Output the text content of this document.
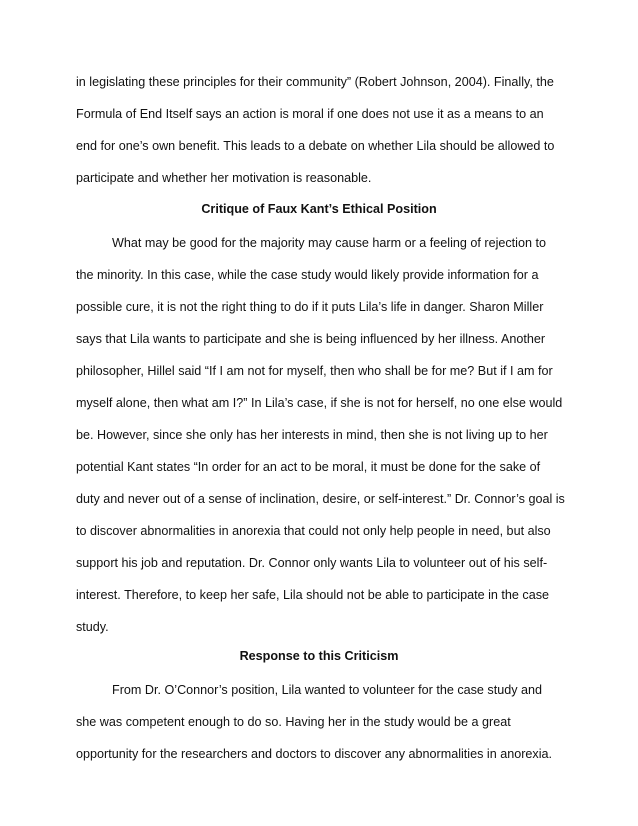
in legislating these principles for their community” (Robert Johnson, 2004). Finally, the
Formula of End Itself says an action is moral if one does not use it as a means to an
end for one’s own benefit. This leads to a debate on whether Lila should be allowed to
participate and whether her motivation is reasonable.
Critique of Faux Kant’s Ethical Position
What may be good for the majority may cause harm or a feeling of rejection to
the minority. In this case, while the case study would likely provide information for a
possible cure, it is not the right thing to do if it puts Lila’s life in danger. Sharon Miller
says that Lila wants to participate and she is being influenced by her illness. Another
philosopher, Hillel said “If I am not for myself, then who shall be for me? But if I am for
myself alone, then what am I?” In Lila’s case, if she is not for herself, no one else would
be. However, since she only has her interests in mind, then she is not living up to her
potential Kant states “In order for an act to be moral, it must be done for the sake of
duty and never out of a sense of inclination, desire, or self-interest.” Dr. Connor’s goal is
to discover abnormalities in anorexia that could not only help people in need, but also
support his job and reputation. Dr. Connor only wants Lila to volunteer out of his self-
interest. Therefore, to keep her safe, Lila should not be able to participate in the case
study.
Response to this Criticism
From Dr. O’Connor’s position, Lila wanted to volunteer for the case study and
she was competent enough to do so. Having her in the study would be a great
opportunity for the researchers and doctors to discover any abnormalities in anorexia.
